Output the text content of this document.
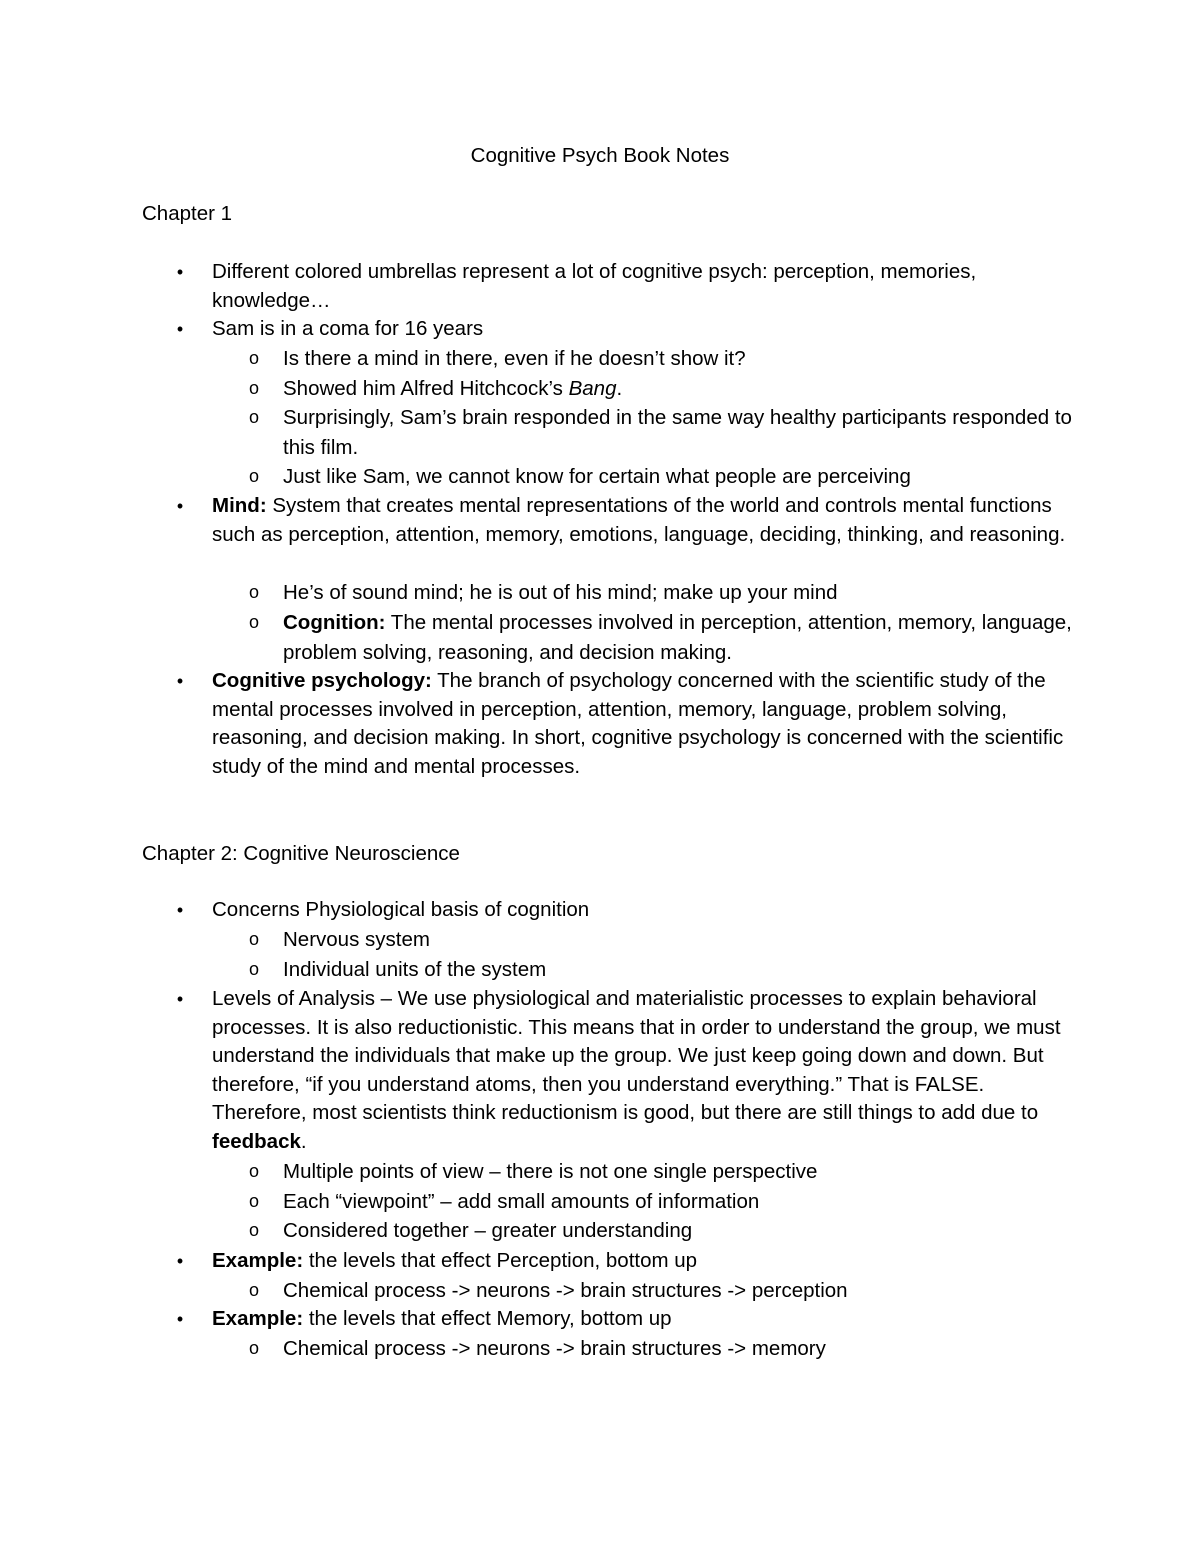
Cognitive Psych Book Notes
Chapter 1
• Different colored umbrellas represent a lot of cognitive psych: perception, memories, knowledge…
• Sam is in a coma for 16 years
o Is there a mind in there, even if he doesn’t show it?
o Showed him Alfred Hitchcock’s Bang.
o Surprisingly, Sam’s brain responded in the same way healthy participants responded to this film.
o Just like Sam, we cannot know for certain what people are perceiving
• Mind: System that creates mental representations of the world and controls mental functions such as perception, attention, memory, emotions, language, deciding, thinking, and reasoning.
o He’s of sound mind; he is out of his mind; make up your mind
o Cognition: The mental processes involved in perception, attention, memory, language, problem solving, reasoning, and decision making.
• Cognitive psychology: The branch of psychology concerned with the scientific study of the mental processes involved in perception, attention, memory, language, problem solving, reasoning, and decision making. In short, cognitive psychology is concerned with the scientific study of the mind and mental processes.
Chapter 2: Cognitive Neuroscience
• Concerns Physiological basis of cognition
o Nervous system
o Individual units of the system
• Levels of Analysis – We use physiological and materialistic processes to explain behavioral processes. It is also reductionistic. This means that in order to understand the group, we must understand the individuals that make up the group. We just keep going down and down. But therefore, “if you understand atoms, then you understand everything.” That is FALSE. Therefore, most scientists think reductionism is good, but there are still things to add due to feedback.
o Multiple points of view – there is not one single perspective
o Each “viewpoint” – add small amounts of information
o Considered together – greater understanding
• Example: the levels that effect Perception, bottom up
o Chemical process -> neurons -> brain structures -> perception
• Example: the levels that effect Memory, bottom up
o Chemical process -> neurons -> brain structures -> memory
